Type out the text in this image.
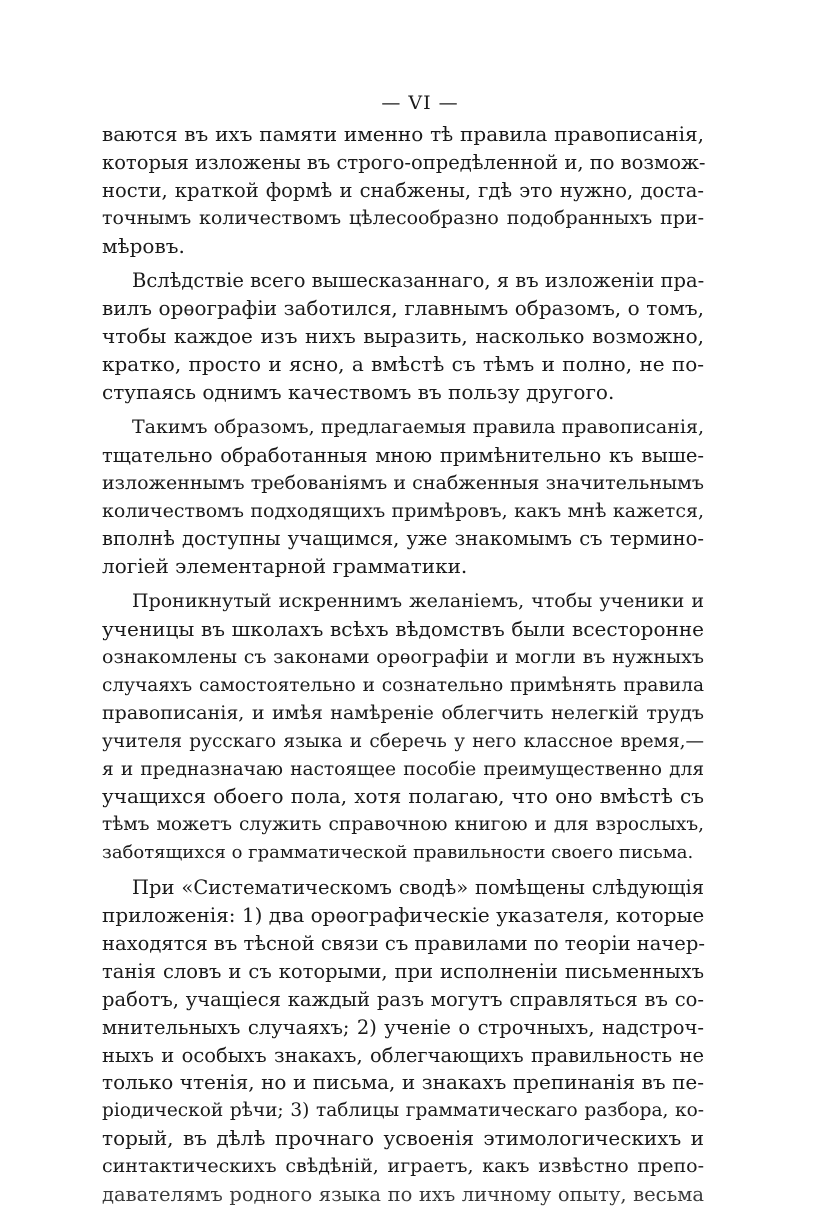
— VI —
ваются въ ихъ памяти именно тѣ правила правописанія,
которыя изложены въ строго-опредѣленной и, по возмож-
ности, краткой формѣ и снабжены, гдѣ это нужно, доста-
точнымъ количествомъ цѣлесообразно подобранныхъ при-
мѣровъ.
Вслѣдствіе всего вышесказаннаго, я въ изложеніи пра-
вилъ орѳографіи заботился, главнымъ образомъ, о томъ,
чтобы каждое изъ нихъ выразить, насколько возможно,
кратко, просто и ясно, а вмѣстѣ съ тѣмъ и полно, не по-
ступаясь однимъ качествомъ въ пользу другого.
Такимъ образомъ, предлагаемыя правила правописанія,
тщательно обработанныя мною примѣнительно къ выше-
изложеннымъ требованіямъ и снабженныя значительнымъ
количествомъ подходящихъ примѣровъ, какъ мнѣ кажется,
вполнѣ доступны учащимся, уже знакомымъ съ термино-
логіей элементарной грамматики.
Проникнутый искреннимъ желаніемъ, чтобы ученики и
ученицы въ школахъ всѣхъ вѣдомствъ были всесторонне
ознакомлены съ законами орѳографіи и могли въ нужныхъ
случаяхъ самостоятельно и сознательно примѣнять правила
правописанія, и имѣя намѣреніе облегчить нелегкій трудъ
учителя русскаго языка и сберечь у него классное время,—
я и предназначаю настоящее пособіе преимущественно для
учащихся обоего пола, хотя полагаю, что оно вмѣстѣ съ
тѣмъ можетъ служить справочною книгою и для взрослыхъ,
заботящихся о грамматической правильности своего письма.
При «Систематическомъ сводѣ» помѣщены слѣдующія
приложенія: 1) два орѳографическіе указателя, которые
находятся въ тѣсной связи съ правилами по теоріи начер-
танія словъ и съ которыми, при исполненіи письменныхъ
работъ, учащіеся каждый разъ могутъ справляться въ со-
мнительныхъ случаяхъ; 2) ученіе о строчныхъ, надстроч-
ныхъ и особыхъ знакахъ, облегчающихъ правильность не
только чтенія, но и письма, и знакахъ препинанія въ пе-
ріодической рѣчи; 3) таблицы грамматическаго разбора, ко-
торый, въ дѣлѣ прочнаго усвоенія этимологическихъ и
синтактическихъ свѣдѣній, играетъ, какъ извѣстно препо-
давателямъ родного языка по ихъ личному опыту, весьма
